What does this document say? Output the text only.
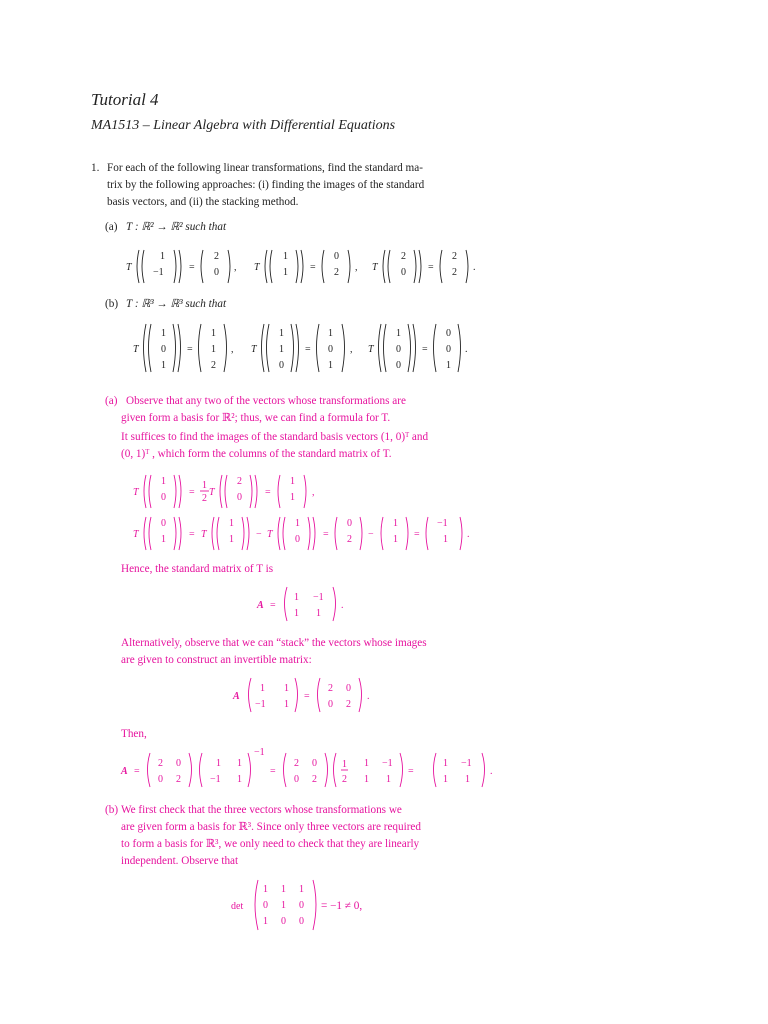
Tutorial 4
MA1513 – Linear Algebra with Differential Equations
1. For each of the following linear transformations, find the standard ma-
trix by the following approaches: (i) finding the images of the standard
basis vectors, and (ii) the stacking method.
(a) T : ℝ² → ℝ² such that
(b) T : ℝ³ → ℝ³ such that
(a) Observe that any two of the vectors whose transformations are
given form a basis for ℝ²; thus, we can find a formula for T.
It suffices to find the images of the standard basis vectors (1, 0)ᵀ and
(0, 1)ᵀ , which form the columns of the standard matrix of T.
Hence, the standard matrix of T is
Alternatively, observe that we can “stack” the vectors whose images
are given to construct an invertible matrix:
Then,
(b) We first check that the three vectors whose transformations we
are given form a basis for ℝ³. Since only three vectors are required
to form a basis for ℝ³, we only need to check that they are linearly
independent. Observe that
T
1
−1	=
2
0 , T
1
1 =
0
2 , T
2
0 =
2
2 .
T
1
0
1
=
1
1
2
, T
1
1
0
=
1
0
1
, T
1
0
0
=
0
0
1
.
T
1
0 =
1
2
T
2
0 =
1
1 ,
T
0
1 = T
1
1 − T
1
0 =
0
2 −
1
1 =
−1
1 .
A =
1 −1
1 1
.
A
1 1
−1 1
=
2 0
0 2
.
A =
2 0
0 2
1 1
−1 1
−1
=
2 0
0 2
1
2
1 −1
1 1
=
1 −1
1 1
.
det
1 1 1
0 1 0
1 0 0
= −1 ≠ 0,
